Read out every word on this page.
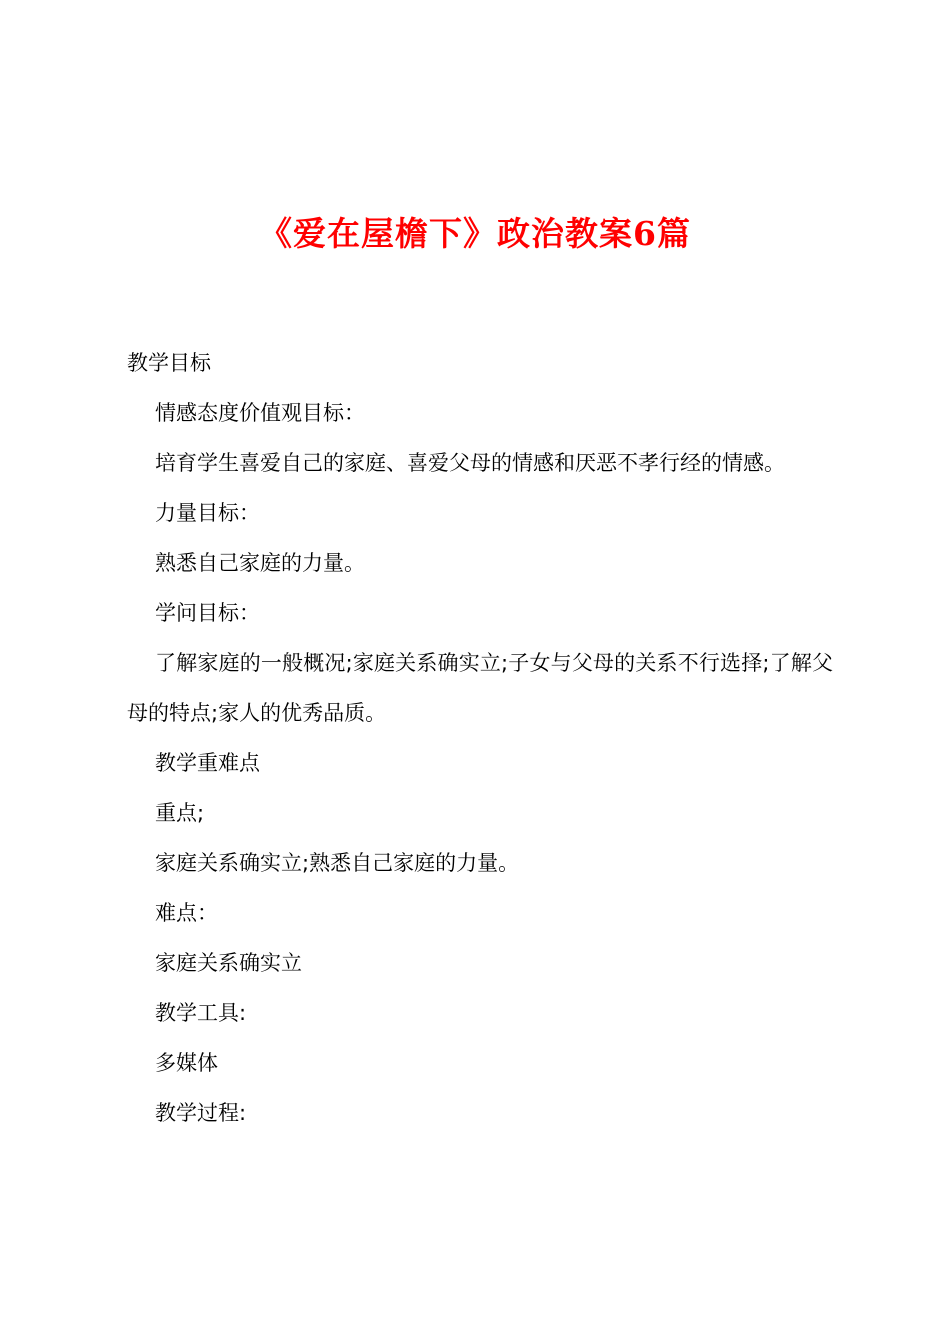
《爱在屋檐下》政治教案6篇

教学目标

情感态度价值观目标：

培育学生喜爱自己的家庭、喜爱父母的情感和厌恶不孝行经的情感。

力量目标：

熟悉自己家庭的力量。

学问目标：

了解家庭的一般概况;家庭关系确实立;子女与父母的关系不行选择;了解父母的特点;家人的优秀品质。

教学重难点

重点;

家庭关系确实立;熟悉自己家庭的力量。

难点：

家庭关系确实立

教学工具:

多媒体

教学过程:
